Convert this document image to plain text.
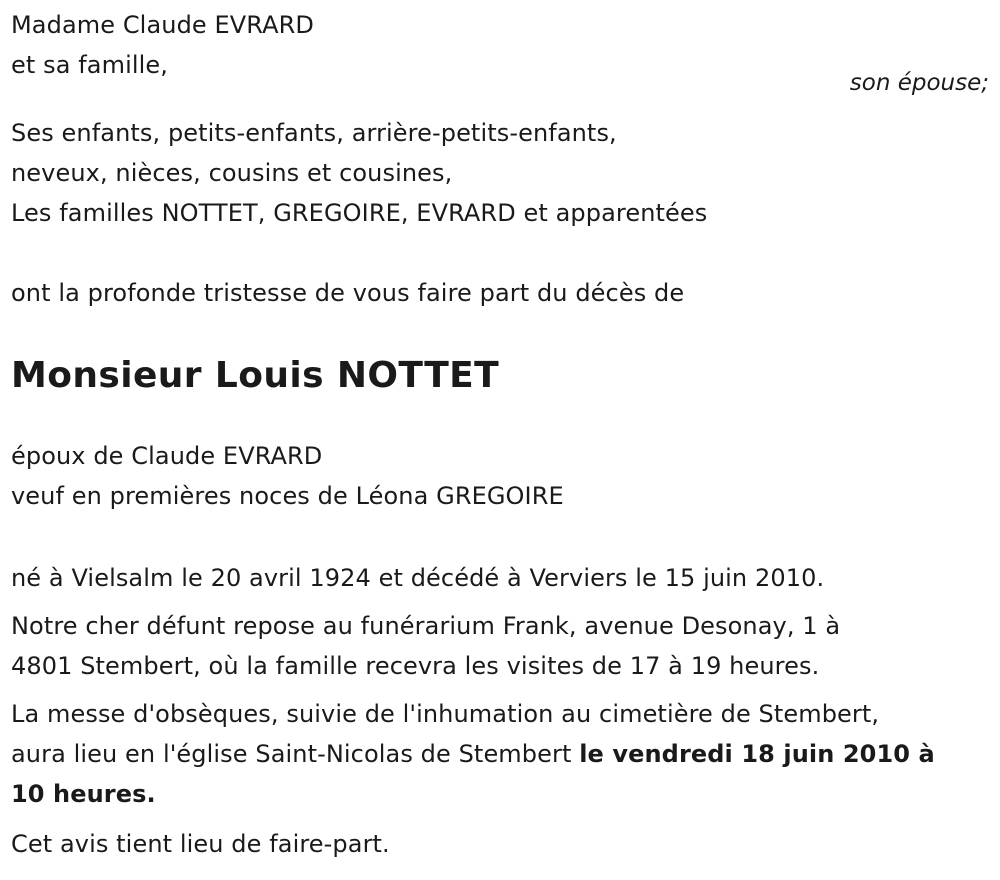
Madame Claude EVRARD
et sa famille,
son épouse;
Ses enfants, petits-enfants, arrière-petits-enfants,
neveux, nièces, cousins et cousines,
Les familles NOTTET, GREGOIRE, EVRARD et apparentées
ont la profonde tristesse de vous faire part du décès de
Monsieur Louis NOTTET
époux de Claude EVRARD
veuf en premières noces de Léona GREGOIRE
né à Vielsalm le 20 avril 1924 et décédé à Verviers le 15 juin 2010.
Notre cher défunt repose au funérarium Frank, avenue Desonay, 1 à
4801 Stembert, où la famille recevra les visites de 17 à 19 heures.
La messe d'obsèques, suivie de l'inhumation au cimetière de Stembert,
aura lieu en l'église Saint-Nicolas de Stembert le vendredi 18 juin 2010 à
10 heures.
Cet avis tient lieu de faire-part.
